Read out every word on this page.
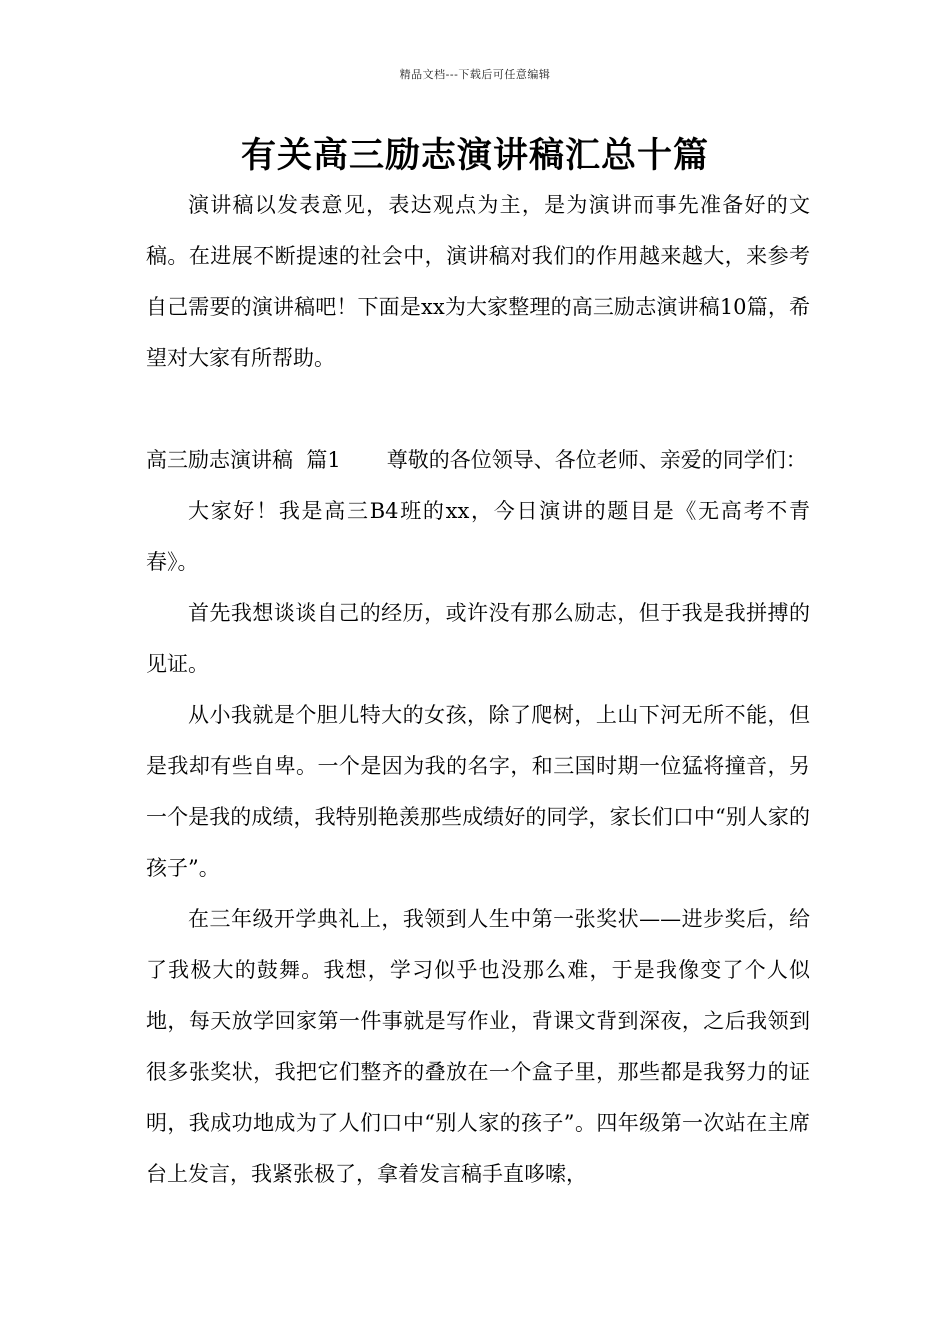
精品文档---下载后可任意编辑
有关高三励志演讲稿汇总十篇

演讲稿以发表意见，表达观点为主，是为演讲而事先准备好的文稿。在进展不断提速的社会中，演讲稿对我们的作用越来越大，来参考自己需要的演讲稿吧！下面是xx为大家整理的高三励志演讲稿10篇，希望对大家有所帮助。

高三励志演讲稿  篇1 尊敬的各位领导、各位老师、亲爱的同学们：

大家好！我是高三B4班的xx，今日演讲的题目是《无高考不青春》。

首先我想谈谈自己的经历，或许没有那么励志，但于我是我拼搏的见证。

从小我就是个胆儿特大的女孩，除了爬树，上山下河无所不能，但是我却有些自卑。一个是因为我的名字，和三国时期一位猛将撞音，另一个是我的成绩，我特别艳羡那些成绩好的同学，家长们口中“别人家的孩子”。

在三年级开学典礼上，我领到人生中第一张奖状——进步奖后，给了我极大的鼓舞。我想，学习似乎也没那么难，于是我像变了个人似地，每天放学回家第一件事就是写作业，背课文背到深夜，之后我领到很多张奖状，我把它们整齐的叠放在一个盒子里，那些都是我努力的证明，我成功地成为了人们口中“别人家的孩子”。四年级第一次站在主席台上发言，我紧张极了，拿着发言稿手直哆嗦，
